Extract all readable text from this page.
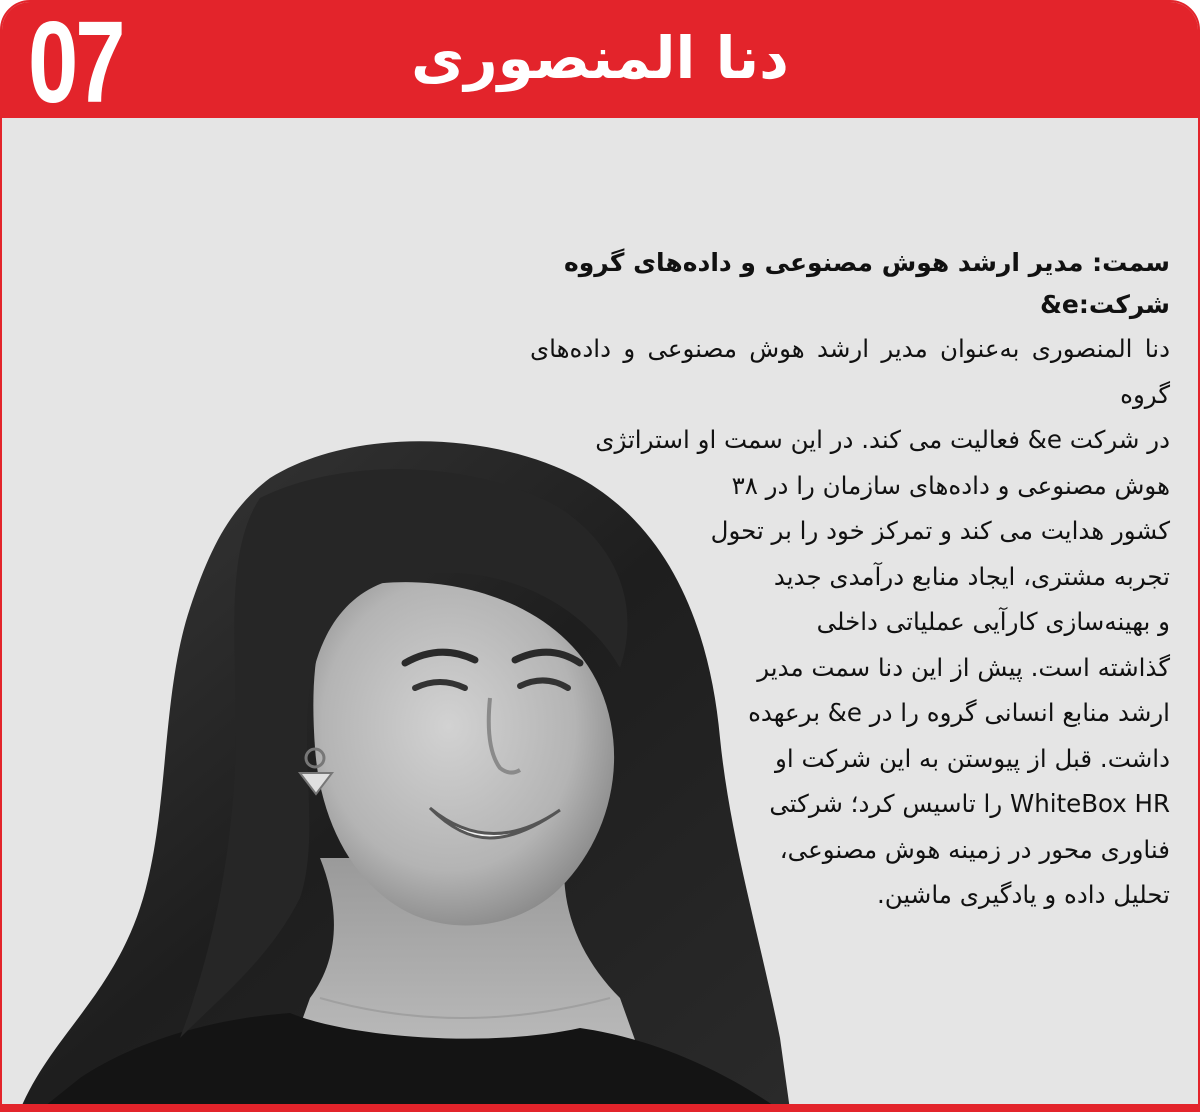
07	دنا المنصوری

سمت: مدیر ارشد هوش مصنوعی و داده‌های گروه

شرکت:e&

دنا المنصوری به‌عنوان مدیر ارشد هوش مصنوعی و داده‌های گروه
در شرکت e& فعالیت می کند. در این سمت او استراتژی
هوش مصنوعی و داده‌های سازمان را در ۳۸
کشور هدایت می کند و تمرکز خود را بر تحول
تجربه مشتری، ایجاد منابع درآمدی جدید
و بهینه‌سازی کارآیی عملیاتی داخلی
گذاشته است. پیش از این دنا سمت مدیر
ارشد منابع انسانی گروه را در e& برعهده
داشت. قبل از پیوستن به این شرکت او
WhiteBox HR را تاسیس کرد؛ شرکتی
فناوری محور در زمینه هوش مصنوعی،
تحلیل داده و یادگیری ماشین.
